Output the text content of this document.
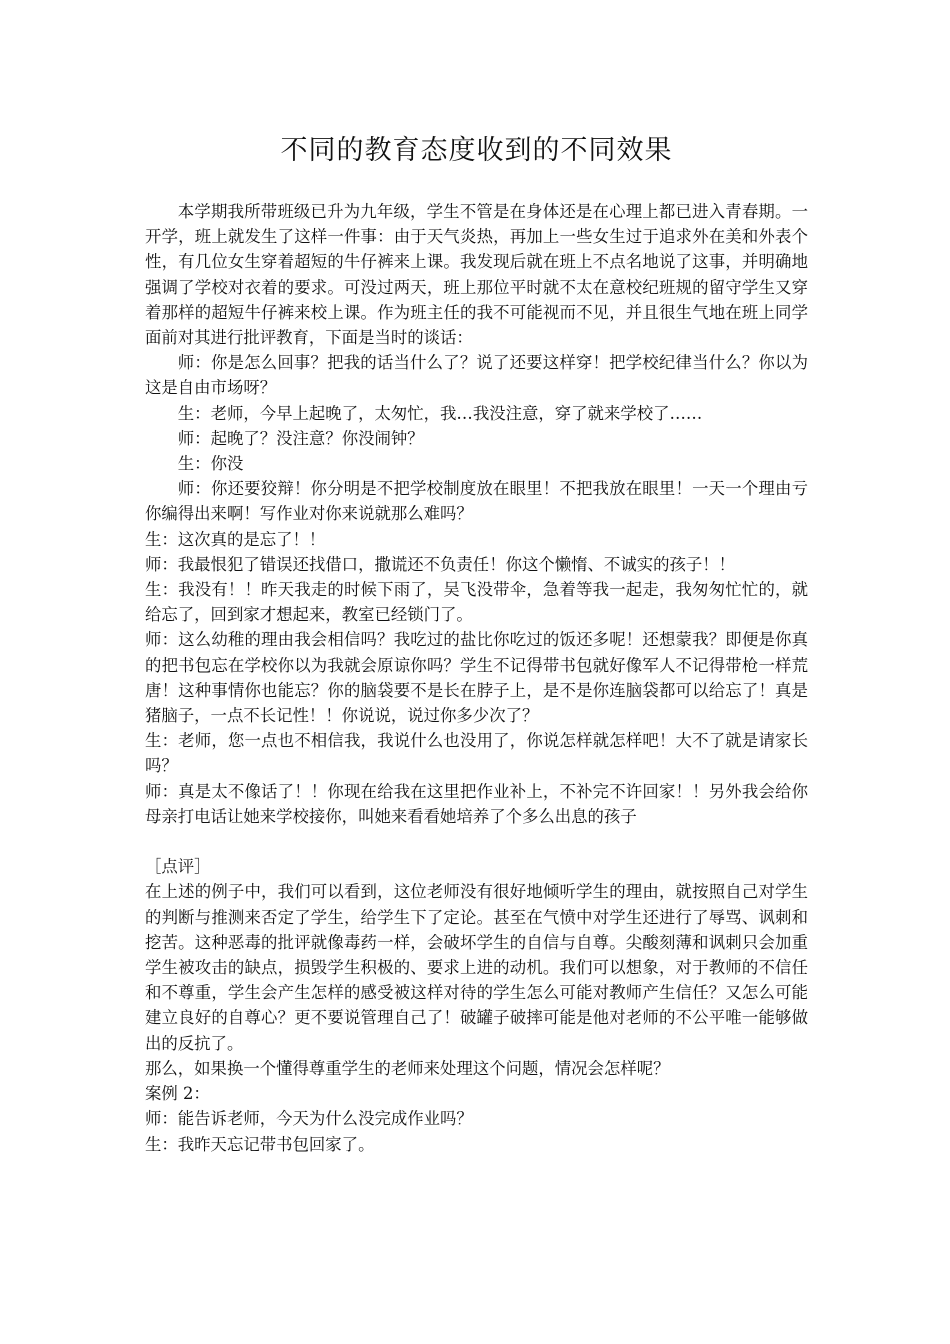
不同的教育态度收到的不同效果

本学期我所带班级已升为九年级，学生不管是在身体还是在心理上都已进入青春期。一开学，班上就发生了这样一件事：由于天气炎热，再加上一些女生过于追求外在美和外表个性，有几位女生穿着超短的牛仔裤来上课。我发现后就在班上不点名地说了这事，并明确地强调了学校对衣着的要求。可没过两天，班上那位平时就不太在意校纪班规的留守学生又穿着那样的超短牛仔裤来校上课。作为班主任的我不可能视而不见，并且很生气地在班上同学面前对其进行批评教育，下面是当时的谈话：

师：你是怎么回事？把我的话当什么了？说了还要这样穿！把学校纪律当什么？你以为这是自由市场呀？

生：老师，今早上起晚了，太匆忙，我…我没注意，穿了就来学校了……

师：起晚了？没注意？你没闹钟？

生：你没

师：你还要狡辩！你分明是不把学校制度放在眼里！不把我放在眼里！一天一个理由亏你编得出来啊！写作业对你来说就那么难吗？

生：这次真的是忘了！！

师：我最恨犯了错误还找借口，撒谎还不负责任！你这个懒惰、不诚实的孩子！！

生：我没有！！昨天我走的时候下雨了，吴飞没带伞，急着等我一起走，我匆匆忙忙的，就给忘了，回到家才想起来，教室已经锁门了。

师：这么幼稚的理由我会相信吗？我吃过的盐比你吃过的饭还多呢！还想蒙我？即便是你真的把书包忘在学校你以为我就会原谅你吗？学生不记得带书包就好像军人不记得带枪一样荒唐！这种事情你也能忘？你的脑袋要不是长在脖子上，是不是你连脑袋都可以给忘了！真是猪脑子，一点不长记性！！你说说，说过你多少次了？

生：老师，您一点也不相信我，我说什么也没用了，你说怎样就怎样吧！大不了就是请家长吗？

师：真是太不像话了！！你现在给我在这里把作业补上，不补完不许回家！！另外我会给你母亲打电话让她来学校接你，叫她来看看她培养了个多么出息的孩子

［点评］

在上述的例子中，我们可以看到，这位老师没有很好地倾听学生的理由，就按照自己对学生的判断与推测来否定了学生，给学生下了定论。甚至在气愤中对学生还进行了辱骂、讽刺和挖苦。这种恶毒的批评就像毒药一样，会破坏学生的自信与自尊。尖酸刻薄和讽刺只会加重学生被攻击的缺点，损毁学生积极的、要求上进的动机。我们可以想象，对于教师的不信任和不尊重，学生会产生怎样的感受被这样对待的学生怎么可能对教师产生信任？又怎么可能建立良好的自尊心？更不要说管理自己了！破罐子破摔可能是他对老师的不公平唯一能够做出的反抗了。

那么，如果换一个懂得尊重学生的老师来处理这个问题，情况会怎样呢？

案例 2：

师：能告诉老师，今天为什么没完成作业吗？

生：我昨天忘记带书包回家了。
